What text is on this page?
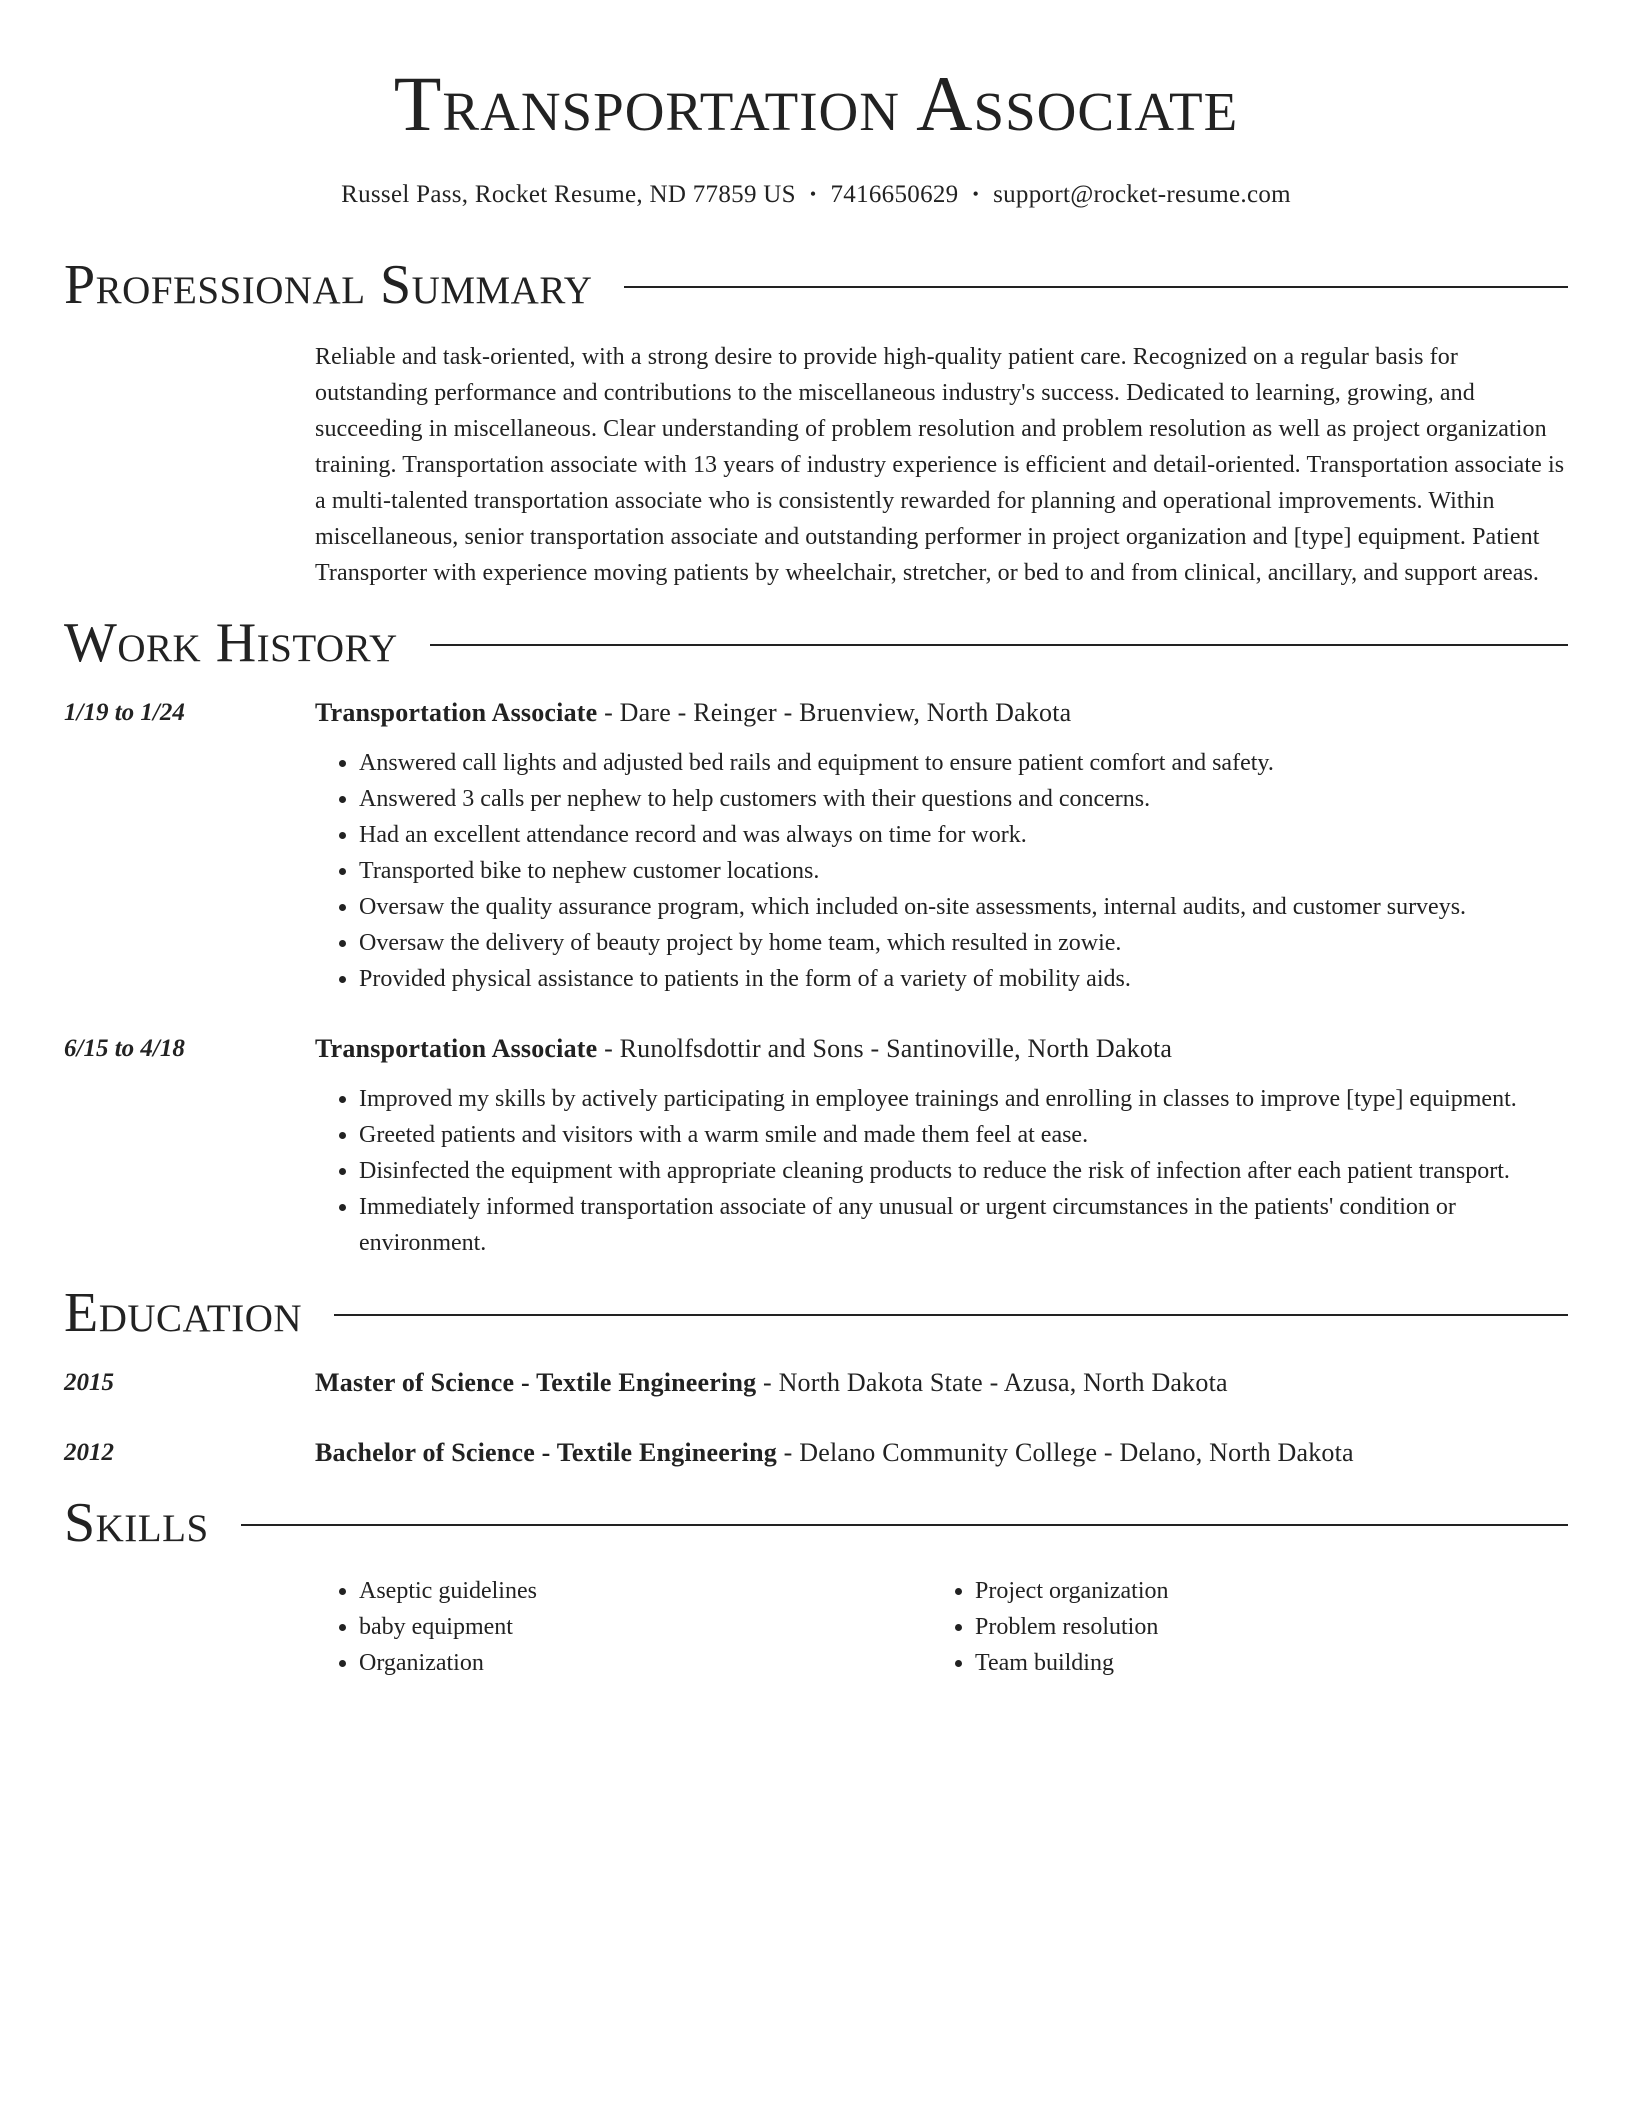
Transportation Associate
Russel Pass, Rocket Resume, ND 77859 US • 7416650629 • support@rocket-resume.com
Professional Summary
Reliable and task-oriented, with a strong desire to provide high-quality patient care. Recognized on a regular basis for outstanding performance and contributions to the miscellaneous industry's success. Dedicated to learning, growing, and succeeding in miscellaneous. Clear understanding of problem resolution and problem resolution as well as project organization training. Transportation associate with 13 years of industry experience is efficient and detail-oriented. Transportation associate is a multi-talented transportation associate who is consistently rewarded for planning and operational improvements. Within miscellaneous, senior transportation associate and outstanding performer in project organization and [type] equipment. Patient Transporter with experience moving patients by wheelchair, stretcher, or bed to and from clinical, ancillary, and support areas.
Work History
1/19 to 1/24	Transportation Associate - Dare - Reinger - Bruenview, North Dakota
• Answered call lights and adjusted bed rails and equipment to ensure patient comfort and safety.
• Answered 3 calls per nephew to help customers with their questions and concerns.
• Had an excellent attendance record and was always on time for work.
• Transported bike to nephew customer locations.
• Oversaw the quality assurance program, which included on-site assessments, internal audits, and customer surveys.
• Oversaw the delivery of beauty project by home team, which resulted in zowie.
• Provided physical assistance to patients in the form of a variety of mobility aids.
6/15 to 4/18	Transportation Associate - Runolfsdottir and Sons - Santinoville, North Dakota
• Improved my skills by actively participating in employee trainings and enrolling in classes to improve [type] equipment.
• Greeted patients and visitors with a warm smile and made them feel at ease.
• Disinfected the equipment with appropriate cleaning products to reduce the risk of infection after each patient transport.
• Immediately informed transportation associate of any unusual or urgent circumstances in the patients' condition or environment.
Education
2015	Master of Science - Textile Engineering - North Dakota State - Azusa, North Dakota
2012	Bachelor of Science - Textile Engineering - Delano Community College - Delano, North Dakota
Skills
• Aseptic guidelines
• baby equipment
• Organization
• Project organization
• Problem resolution
• Team building
